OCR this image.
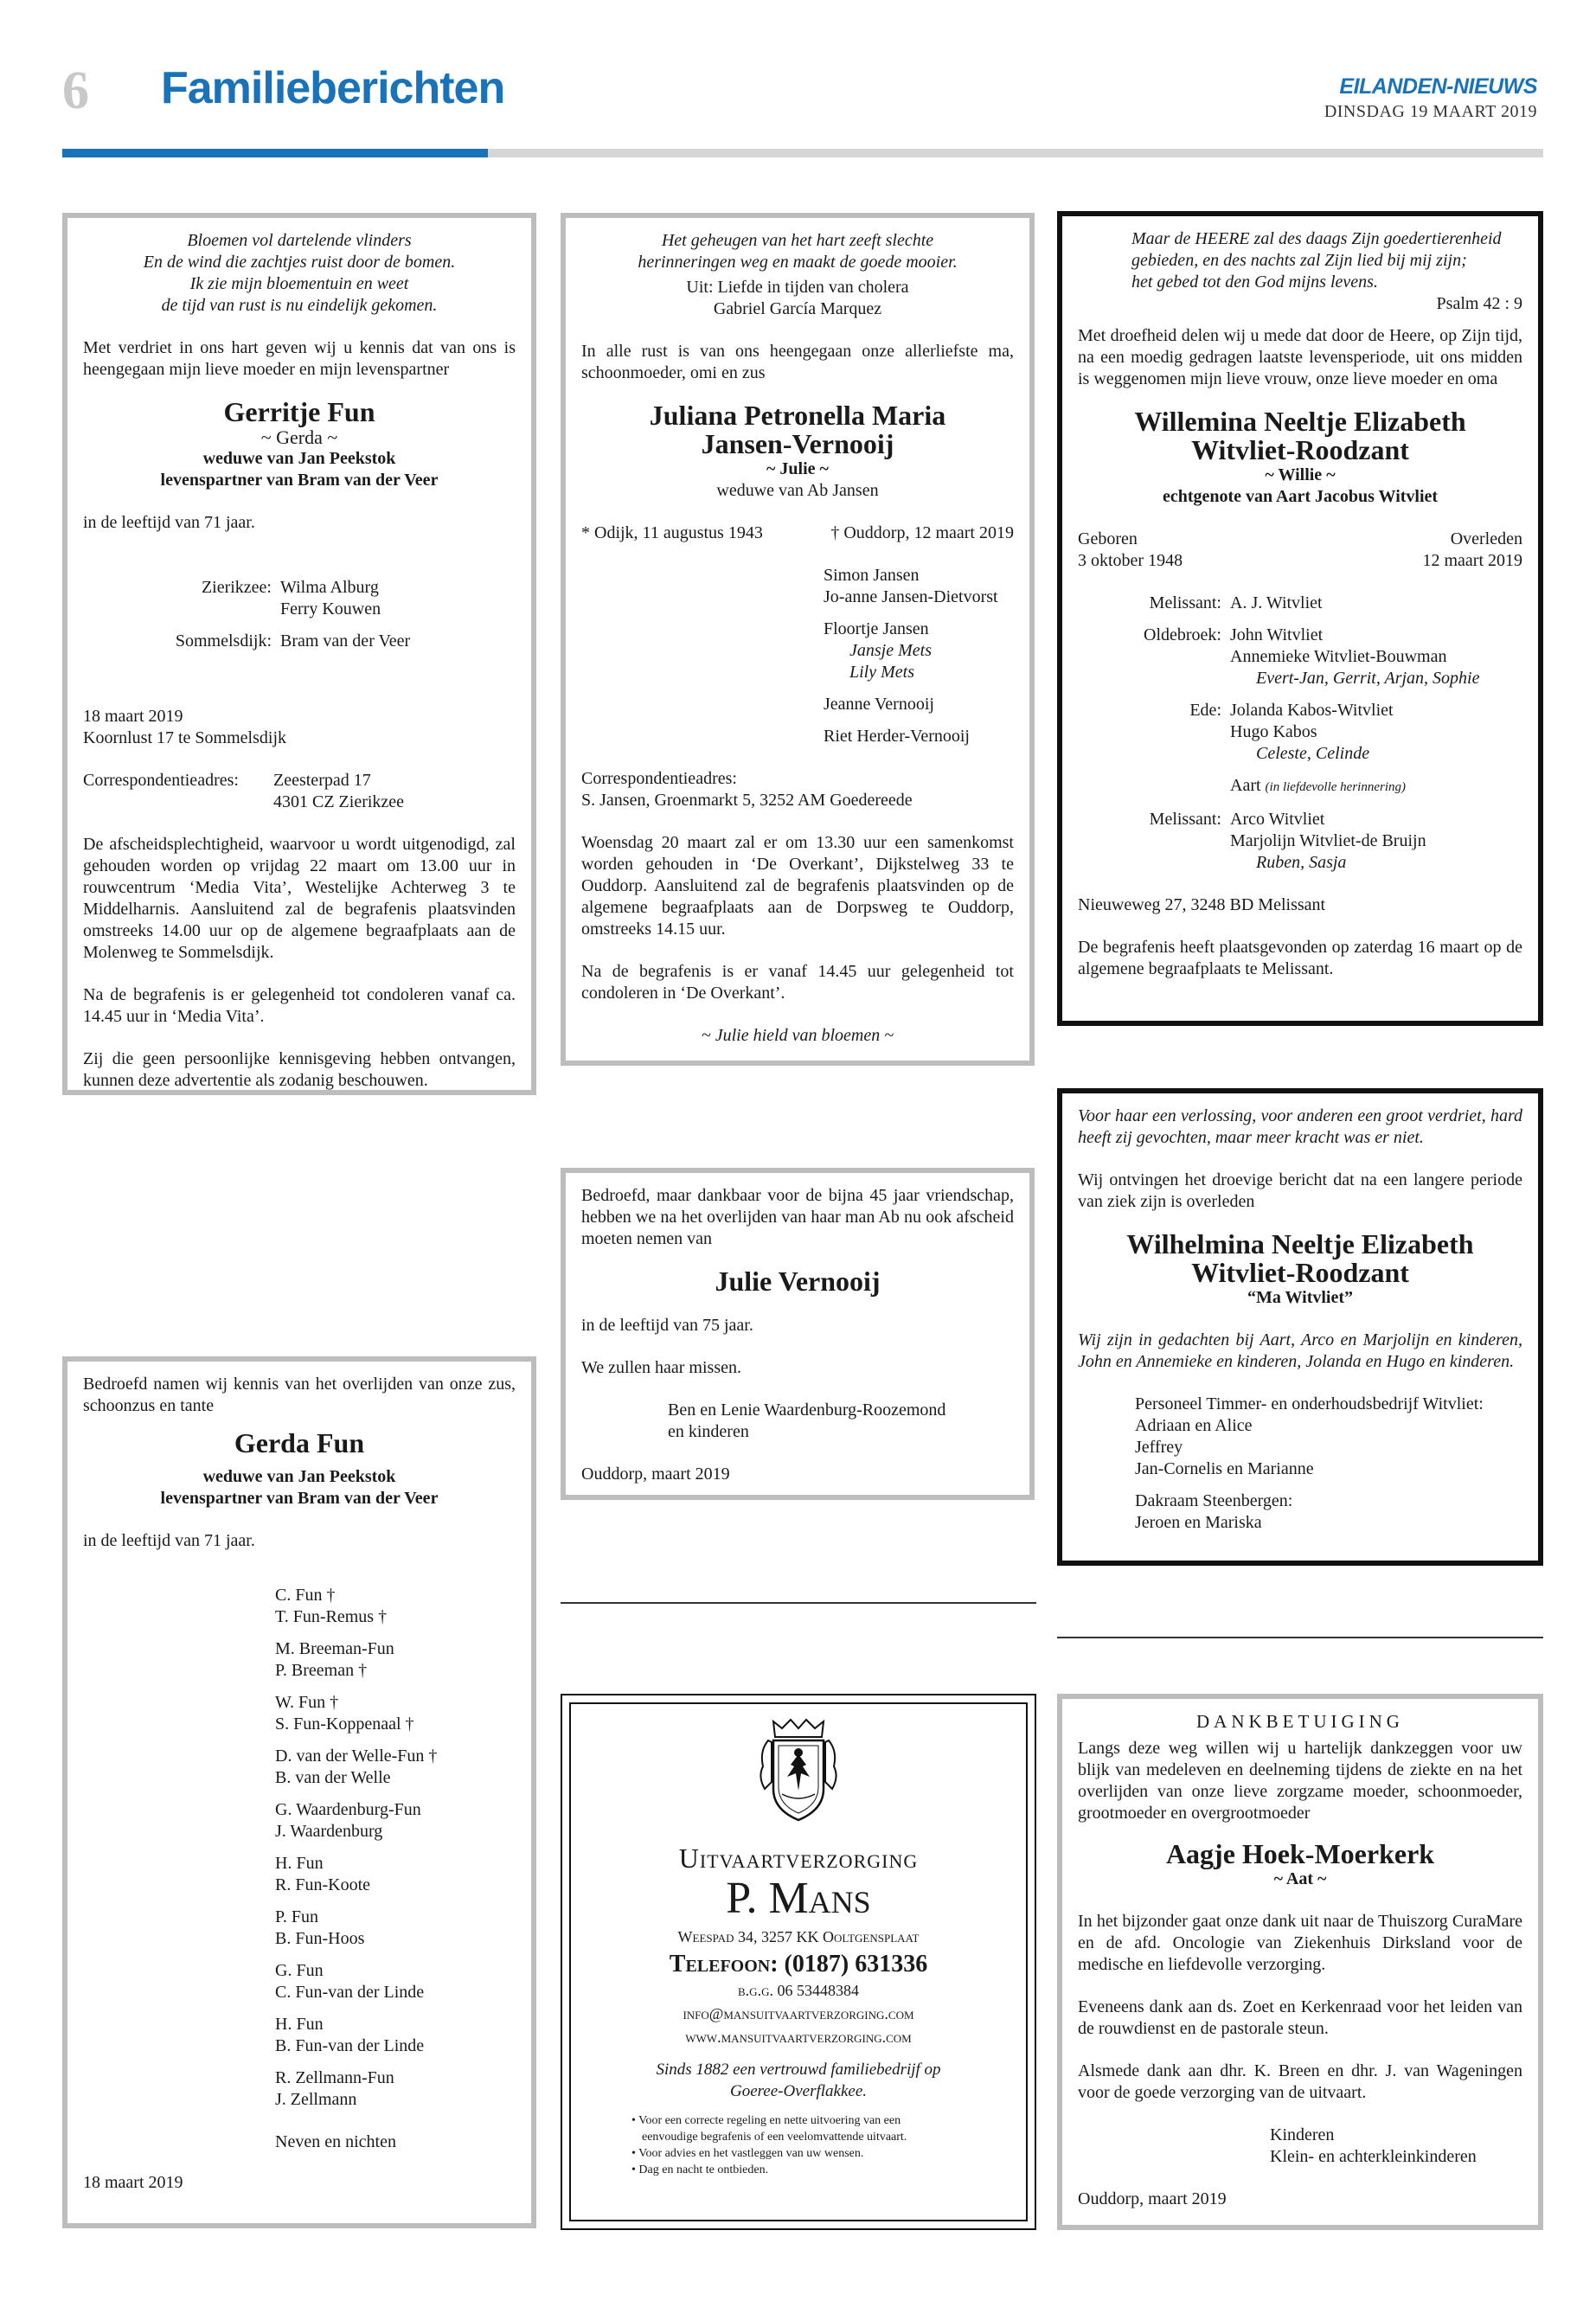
6 Familieberichten	EILANDEN-NIEUWS
DINSDAG 19 MAART 2019
Bloemen vol dartelende vlinders
En de wind die zachtjes ruist door de bomen.
Ik zie mijn bloementuin en weet
de tijd van rust is nu eindelijk gekomen.
Met verdriet in ons hart geven wij u kennis dat van ons is heengegaan mijn lieve moeder en mijn levenspartner
Gerritje Fun
~ Gerda ~
weduwe van Jan Peekstok
levenspartner van Bram van der Veer
in de leeftijd van 71 jaar.
Zierikzee: Wilma Alburg
Ferry Kouwen
Sommelsdijk: Bram van der Veer
18 maart 2019
Koornlust 17 te Sommelsdijk
Correspondentieadres:	Zeesterpad 17
4301 CZ Zierikzee
De afscheidsplechtigheid, waarvoor u wordt uitgenodigd, zal gehouden worden op vrijdag 22 maart om 13.00 uur in rouwcentrum ‘Media Vita’, Westelijke Achterweg 3 te Middelharnis. Aansluitend zal de begrafenis plaatsvinden omstreeks 14.00 uur op de algemene begraafplaats aan de Molenweg te Sommelsdijk.
Na de begrafenis is er gelegenheid tot condoleren vanaf ca. 14.45 uur in ‘Media Vita’.
Zij die geen persoonlijke kennisgeving hebben ontvangen, kunnen deze advertentie als zodanig beschouwen.
Het geheugen van het hart zeeft slechte
herinneringen weg en maakt de goede mooier.
Uit: Liefde in tijden van cholera
Gabriel García Marquez
In alle rust is van ons heengegaan onze allerliefste ma, schoonmoeder, omi en zus
Juliana Petronella Maria
Jansen-Vernooij
~ Julie ~
weduwe van Ab Jansen
* Odijk, 11 augustus 1943	† Ouddorp, 12 maart 2019
Simon Jansen
Jo-anne Jansen-Dietvorst
Floortje Jansen
Jansje Mets
Lily Mets
Jeanne Vernooij
Riet Herder-Vernooij
Correspondentieadres:
S. Jansen, Groenmarkt 5, 3252 AM Goedereede
Woensdag 20 maart zal er om 13.30 uur een samenkomst worden gehouden in ‘De Overkant’, Dijkstelweg 33 te Ouddorp. Aansluitend zal de begrafenis plaatsvinden op de algemene begraafplaats aan de Dorpsweg te Ouddorp, omstreeks 14.15 uur.
Na de begrafenis is er vanaf 14.45 uur gelegenheid tot condoleren in ‘De Overkant’.
~ Julie hield van bloemen ~
Maar de HEERE zal des daags Zijn goedertierenheid
gebieden, en des nachts zal Zijn lied bij mij zijn;
het gebed tot den God mijns levens.
Psalm 42 : 9
Met droefheid delen wij u mede dat door de Heere, op Zijn tijd, na een moedig gedragen laatste levensperiode, uit ons midden is weggenomen mijn lieve vrouw, onze lieve moeder en oma
Willemina Neeltje Elizabeth
Witvliet-Roodzant
~ Willie ~
echtgenote van Aart Jacobus Witvliet
Geboren	Overleden
3 oktober 1948	12 maart 2019
Melissant: A. J. Witvliet
Oldebroek: John Witvliet
Annemieke Witvliet-Bouwman
Evert-Jan, Gerrit, Arjan, Sophie
Ede: Jolanda Kabos-Witvliet
Hugo Kabos
Celeste, Celinde
Aart (in liefdevolle herinnering)
Melissant: Arco Witvliet
Marjolijn Witvliet-de Bruijn
Ruben, Sasja
Nieuweweg 27, 3248 BD Melissant
De begrafenis heeft plaatsgevonden op zaterdag 16 maart op de algemene begraafplaats te Melissant.
Bedroefd, maar dankbaar voor de bijna 45 jaar vriendschap, hebben we na het overlijden van haar man Ab nu ook afscheid moeten nemen van
Julie Vernooij
in de leeftijd van 75 jaar.
We zullen haar missen.
Ben en Lenie Waardenburg-Roozemond
en kinderen
Ouddorp, maart 2019
Voor haar een verlossing, voor anderen een groot verdriet, hard heeft zij gevochten, maar meer kracht was er niet.
Wij ontvingen het droevige bericht dat na een langere periode van ziek zijn is overleden
Wilhelmina Neeltje Elizabeth
Witvliet-Roodzant
“Ma Witvliet”
Wij zijn in gedachten bij Aart, Arco en Marjolijn en kinderen, John en Annemieke en kinderen, Jolanda en Hugo en kinderen.
Personeel Timmer- en onderhoudsbedrijf Witvliet:
Adriaan en Alice
Jeffrey
Jan-Cornelis en Marianne
Dakraam Steenbergen:
Jeroen en Mariska
Bedroefd namen wij kennis van het overlijden van onze zus, schoonzus en tante
Gerda Fun
weduwe van Jan Peekstok
levenspartner van Bram van der Veer
in de leeftijd van 71 jaar.
C. Fun †
T. Fun-Remus †
M. Breeman-Fun
P. Breeman †
W. Fun †
S. Fun-Koppenaal †
D. van der Welle-Fun †
B. van der Welle
G. Waardenburg-Fun
J. Waardenburg
H. Fun
R. Fun-Koote
P. Fun
B. Fun-Hoos
G. Fun
C. Fun-van der Linde
H. Fun
B. Fun-van der Linde
R. Zellmann-Fun
J. Zellmann
Neven en nichten
18 maart 2019
Uitvaartverzorging
P. Mans
Weespad 34, 3257 KK Ooltgensplaat
Telefoon: (0187) 631336
b.g.g. 06 53448384
info@mansuitvaartverzorging.com
www.mansuitvaartverzorging.com
Sinds 1882 een vertrouwd familiebedrijf op
Goeree-Overflakkee.
• Voor een correcte regeling en nette uitvoering van een
eenvoudige begrafenis of een veelomvattende uitvaart.
• Voor advies en het vastleggen van uw wensen.
• Dag en nacht te ontbieden.
DANKBETUIGING
Langs deze weg willen wij u hartelijk dankzeggen voor uw blijk van medeleven en deelneming tijdens de ziekte en na het overlijden van onze lieve zorgzame moeder, schoonmoeder, grootmoeder en overgrootmoeder
Aagje Hoek-Moerkerk
~ Aat ~
In het bijzonder gaat onze dank uit naar de Thuiszorg CuraMare en de afd. Oncologie van Ziekenhuis Dirksland voor de medische en liefdevolle verzorging.
Eveneens dank aan ds. Zoet en Kerkenraad voor het leiden van de rouwdienst en de pastorale steun.
Alsmede dank aan dhr. K. Breen en dhr. J. van Wageningen voor de goede verzorging van de uitvaart.
Kinderen
Klein- en achterkleinkinderen
Ouddorp, maart 2019
